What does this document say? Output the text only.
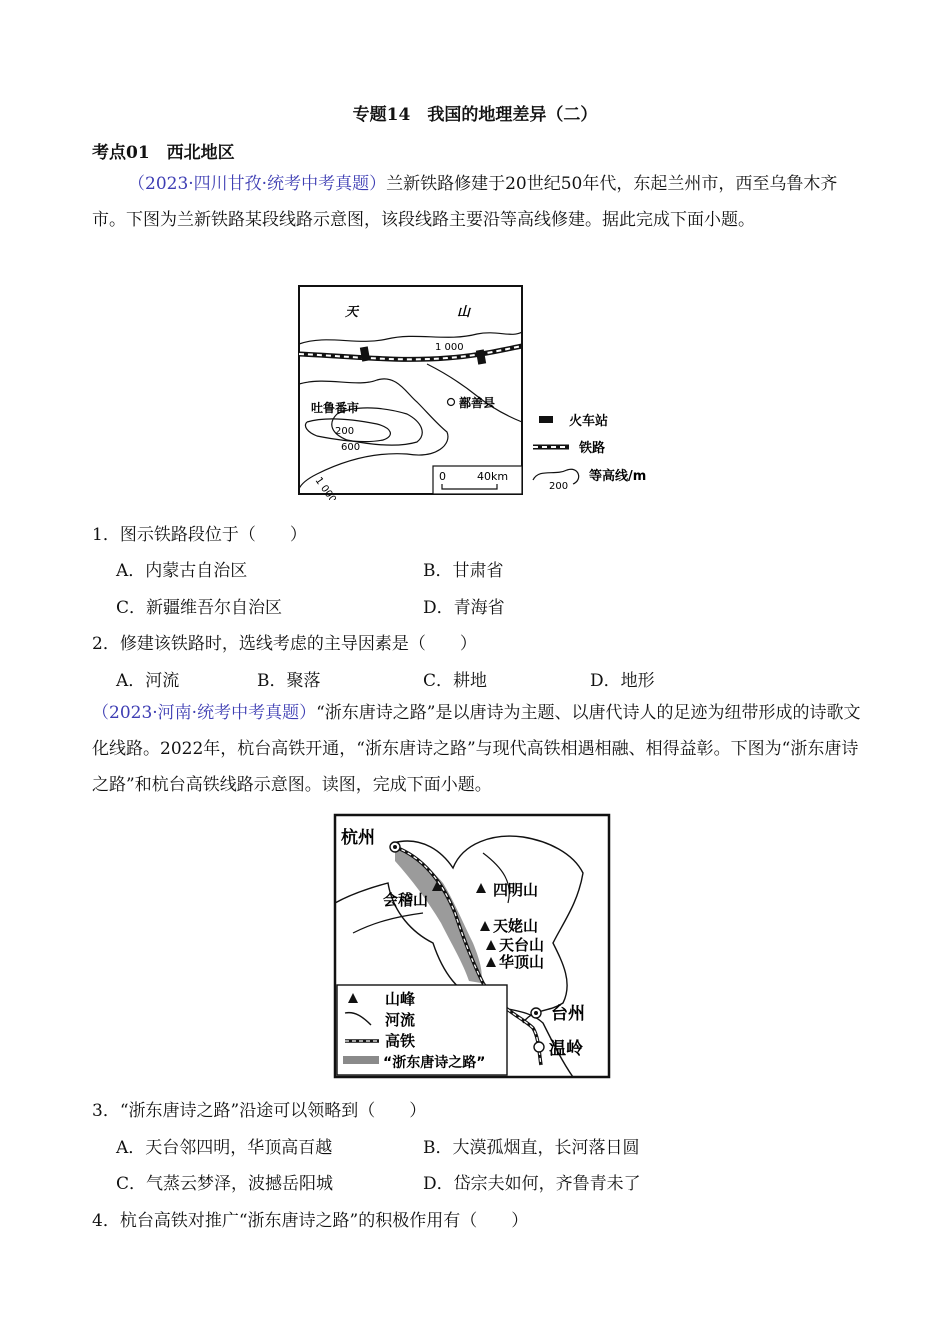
专题14　我国的地理差异（二）
考点01　西北地区
（2023·四川甘孜·统考中考真题）兰新铁路修建于20世纪50年代，东起兰州市，西至乌鲁木齐市。下图为兰新铁路某段线路示意图，该段线路主要沿等高线修建。据此完成下面小题。
天	山
1 000
吐鲁番市	鄯善县
200
600
1 000	0	40km
火车站
铁路
200
等高线/m
1．图示铁路段位于（　　）
A．内蒙古自治区	B．甘肃省
C．新疆维吾尔自治区	D．青海省
2．修建该铁路时，选线考虑的主导因素是（　　）
A．河流	B．聚落	C．耕地	D．地形
（2023·河南·统考中考真题）“浙东唐诗之路”是以唐诗为主题、以唐代诗人的足迹为纽带形成的诗歌文化线路。2022年，杭台高铁开通，“浙东唐诗之路”与现代高铁相遇相融、相得益彰。下图为“浙东唐诗之路”和杭台高铁线路示意图。读图，完成下面小题。
杭州
会稽山
四明山
天姥山
天台山
华顶山
台州
温岭
山峰
河流
高铁
“浙东唐诗之路”
3．“浙东唐诗之路”沿途可以领略到（　　）
A．天台邻四明，华顶高百越	B．大漠孤烟直，长河落日圆
C．气蒸云梦泽，波撼岳阳城	D．岱宗夫如何，齐鲁青未了
4．杭台高铁对推广“浙东唐诗之路”的积极作用有（　　）
